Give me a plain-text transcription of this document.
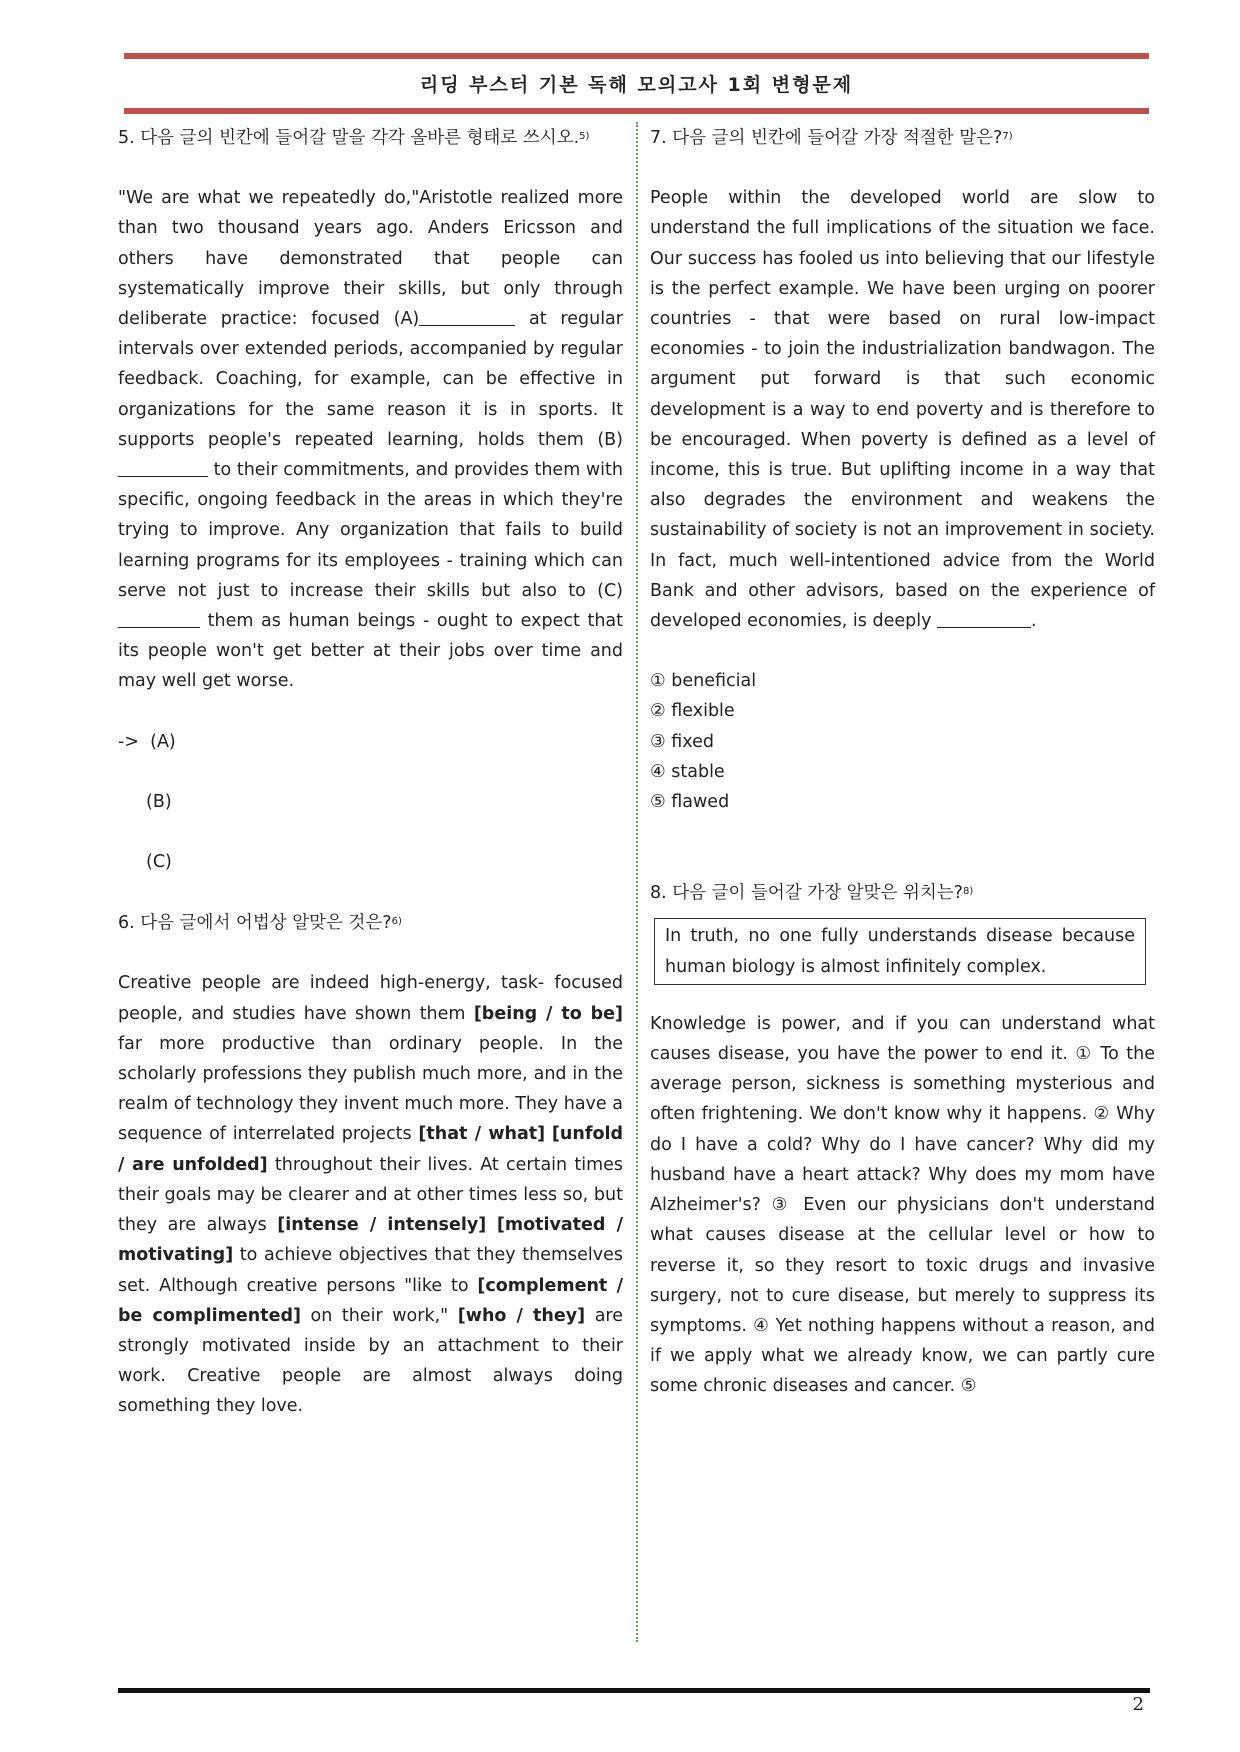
리딩 부스터 기본 독해 모의고사 1회 변형문제

5. 다음 글의 빈칸에 들어갈 말을 각각 올바른 형태로 쓰시오.$^{5)}$

"We are what we repeatedly do,"Aristotle realized more than two thousand years ago. Anders Ericsson and others have demonstrated that people can systematically improve their skills, but only through deliberate practice: focused (A)	at regular intervals over extended periods, accompanied by regular feedback. Coaching, for example, can be effective in organizations for the same reason it is in sports. It supports people's repeated learning, holds them (B) to their commitments, and provides them with specific, ongoing feedback in the areas in which they're trying to improve. Any organization that fails to build learning programs for its employees - training which can serve not just to increase their skills but also to (C) them as human beings - ought to expect that its people won't get better at their jobs over time and may well get worse.

-> (A)

(B)

(C)

6. 다음 글에서 어법상 알맞은 것은?$^{6)}$

Creative people are indeed high-energy, task- focused people, and studies have shown them [being / to be] far more productive than ordinary people. In the scholarly professions they publish much more, and in the realm of technology they invent much more. They have a sequence of interrelated projects [that / what] [unfold / are unfolded] throughout their lives. At certain times their goals may be clearer and at other times less so, but they are always [intense / intensely] [motivated / motivating] to achieve objectives that they themselves set. Although creative persons "like to [complement / be complimented] on their work," [who / they] are strongly motivated inside by an attachment to their work. Creative people are almost always doing something they love.

7. 다음 글의 빈칸에 들어갈 가장 적절한 말은?$^{7)}$

People within the developed world are slow to understand the full implications of the situation we face. Our success has fooled us into believing that our lifestyle is the perfect example. We have been urging on poorer countries - that were based on rural low-impact economies - to join the industrialization bandwagon. The argument put forward is that such economic development is a way to end poverty and is therefore to be encouraged. When poverty is defined as a level of income, this is true. But uplifting income in a way that also degrades the environment and weakens the sustainability of society is not an improvement in society. In fact, much well-intentioned advice from the World Bank and other advisors, based on the experience of developed economies, is deeply	.

① beneficial

② flexible

③ fixed

④ stable

⑤ flawed

8. 다음 글이 들어갈 가장 알맞은 위치는?$^{8)}$

In truth, no one fully understands disease because human biology is almost infinitely complex.

Knowledge is power, and if you can understand what causes disease, you have the power to end it. ① To the average person, sickness is something mysterious and often frightening. We don't know why it happens. ② Why do I have a cold? Why do I have cancer? Why did my husband have a heart attack? Why does my mom have Alzheimer's? ③ Even our physicians don't understand what causes disease at the cellular level or how to reverse it, so they resort to toxic drugs and invasive surgery, not to cure disease, but merely to suppress its symptoms. ④ Yet nothing happens without a reason, and if we apply what we already know, we can partly cure some chronic diseases and cancer. ⑤

2
